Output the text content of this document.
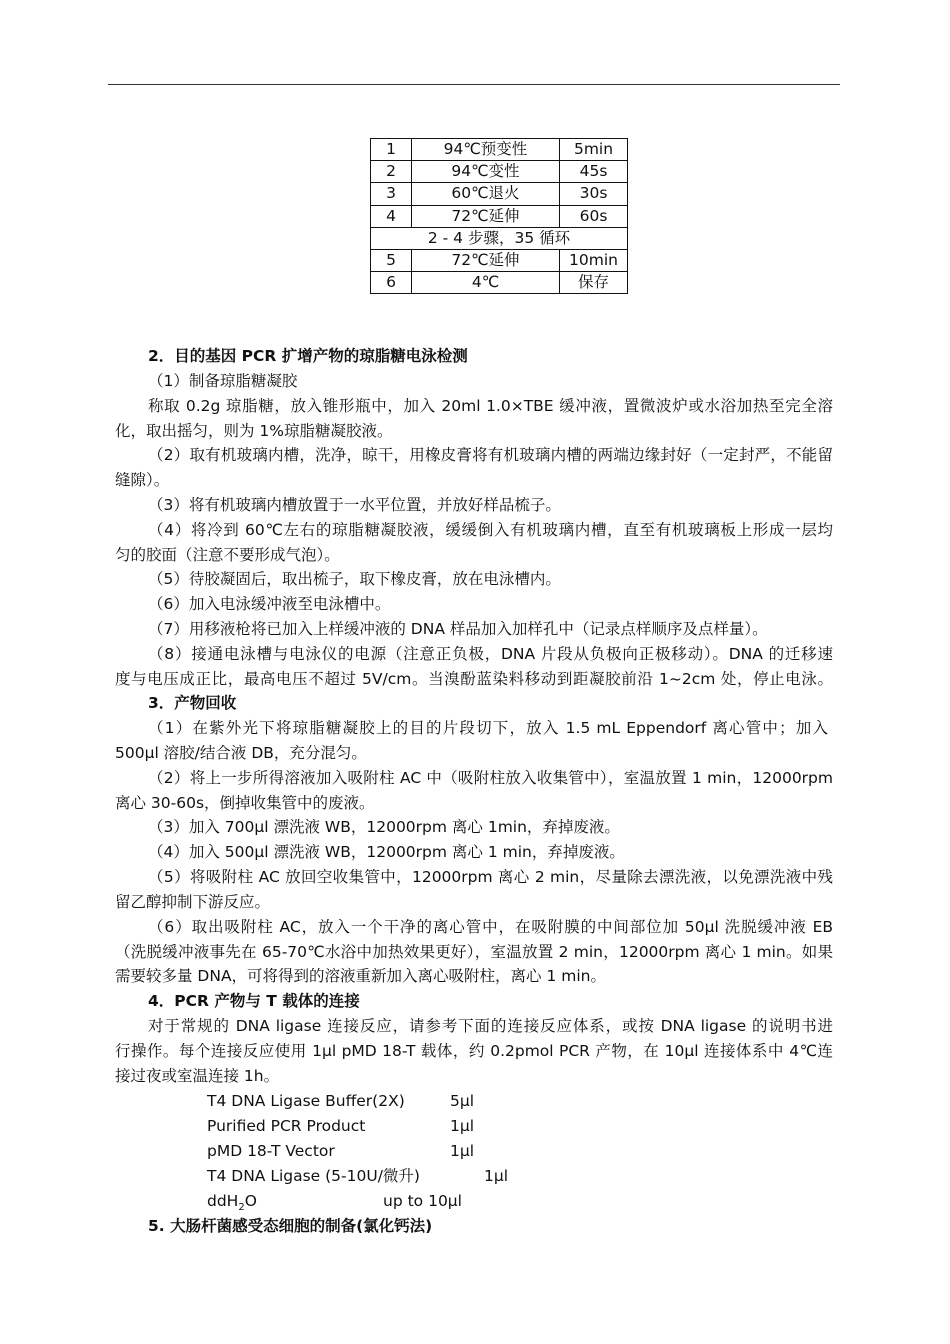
1	94℃预变性	5min
2	94℃变性	45s
3	60℃退火	30s
4	72℃延伸	60s
2 - 4 步骤，35 循环		
5	72℃延伸	10min
6	4℃	保存
2．目的基因 PCR 扩增产物的琼脂糖电泳检测
（1）制备琼脂糖凝胶
称取 0.2g 琼脂糖，放入锥形瓶中，加入 20ml 1.0×TBE 缓冲液，置微波炉或水浴加热至完全溶
化，取出摇匀，则为 1%琼脂糖凝胶液。
（2）取有机玻璃内槽，洗净，晾干，用橡皮膏将有机玻璃内槽的两端边缘封好（一定封严，不能留
缝隙）。
（3）将有机玻璃内槽放置于一水平位置，并放好样品梳子。
（4）将冷到 60℃左右的琼脂糖凝胶液，缓缓倒入有机玻璃内槽，直至有机玻璃板上形成一层均
匀的胶面（注意不要形成气泡）。
（5）待胶凝固后，取出梳子，取下橡皮膏，放在电泳槽内。
（6）加入电泳缓冲液至电泳槽中。
（7）用移液枪将已加入上样缓冲液的 DNA 样品加入加样孔中（记录点样顺序及点样量）。
（8）接通电泳槽与电泳仪的电源（注意正负极，DNA 片段从负极向正极移动）。DNA 的迁移速
度与电压成正比，最高电压不超过 5V/cm。当溴酚蓝染料移动到距凝胶前沿 1~2cm 处，停止电泳。
3．产物回收
（1）在紫外光下将琼脂糖凝胶上的目的片段切下，放入 1.5 mL Eppendorf 离心管中；加入
500μl 溶胶/结合液 DB，充分混匀。
（2）将上一步所得溶液加入吸附柱 AC 中（吸附柱放入收集管中），室温放置 1 min，12000rpm
离心 30-60s，倒掉收集管中的废液。
（3）加入 700μl 漂洗液 WB，12000rpm 离心 1min，弃掉废液。
（4）加入 500μl 漂洗液 WB，12000rpm 离心 1 min，弃掉废液。
（5）将吸附柱 AC 放回空收集管中，12000rpm 离心 2 min，尽量除去漂洗液，以免漂洗液中残
留乙醇抑制下游反应。
（6）取出吸附柱 AC，放入一个干净的离心管中，在吸附膜的中间部位加 50μl 洗脱缓冲液 EB
（洗脱缓冲液事先在 65-70℃水浴中加热效果更好），室温放置 2 min，12000rpm 离心 1 min。如果
需要较多量 DNA，可将得到的溶液重新加入离心吸附柱，离心 1 min。
4．PCR 产物与 T 载体的连接
对于常规的 DNA ligase 连接反应，请参考下面的连接反应体系，或按 DNA ligase 的说明书进
行操作。每个连接反应使用 1μl pMD 18-T 载体，约 0.2pmol PCR 产物，在 10μl 连接体系中 4℃连
接过夜或室温连接 1h。
T4 DNA Ligase Buffer(2X)	5μl
Purified PCR Product	1μl
pMD 18-T Vector	1μl
T4 DNA Ligase (5-10U/微升)	1μl
ddH$_2$O	up to 10μl
5. 大肠杆菌感受态细胞的制备(氯化钙法)
